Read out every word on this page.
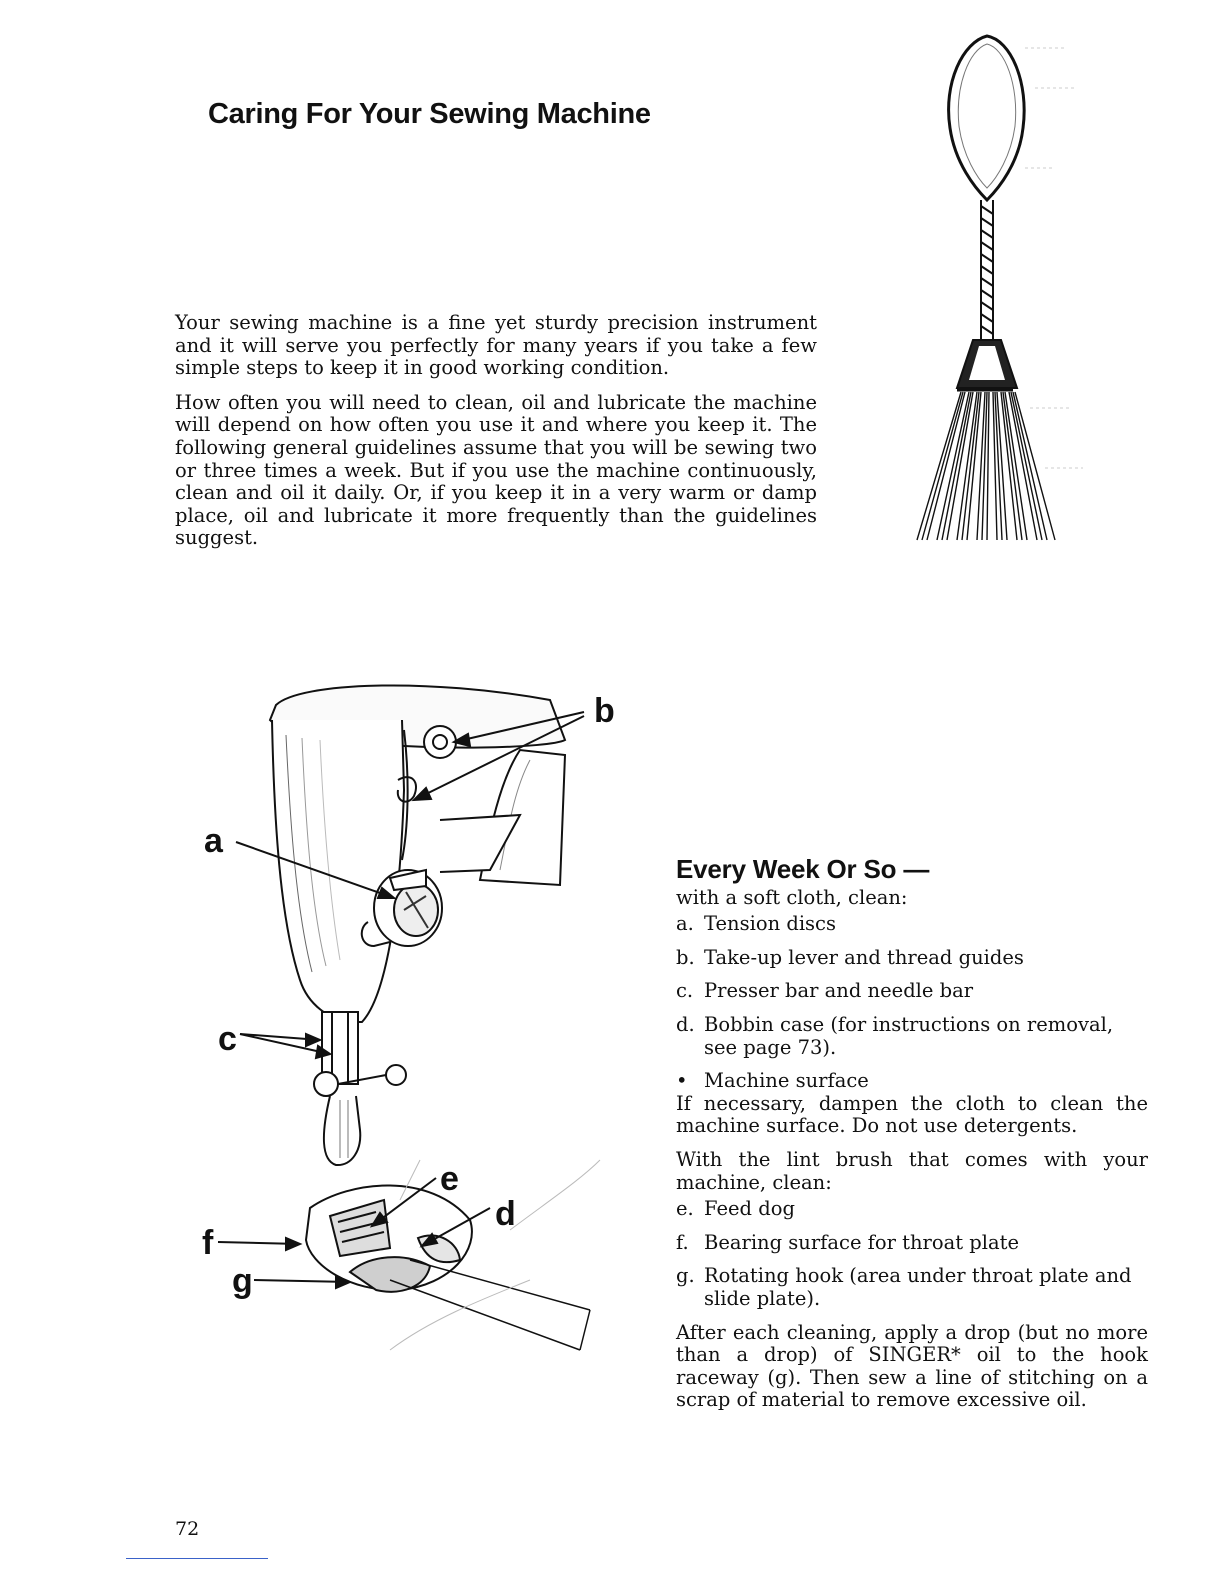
Caring For Your Sewing Machine

Your sewing machine is a fine yet sturdy precision instrument and it will serve you perfectly for many years if you take a few simple steps to keep it in good working condition.

How often you will need to clean, oil and lubricate the machine will depend on how often you use it and where you keep it. The following general guidelines assume that you will be sewing two or three times a week. But if you use the machine continuously, clean and oil it daily. Or, if you keep it in a very warm or damp place, oil and lubricate it more frequently than the guidelines suggest.

b
a
c
e
d
f
g
Every Week Or So —

with a soft cloth, clean:

a. Tension discs
b. Take-up lever and thread guides
c. Presser bar and needle bar
d. Bobbin case (for instructions on removal, see page 73).
• Machine surface

If necessary, dampen the cloth to clean the machine surface. Do not use detergents.

With the lint brush that comes with your machine, clean:

e. Feed dog
f. Bearing surface for throat plate
g. Rotating hook (area under throat plate and slide plate).

After each cleaning, apply a drop (but no more than a drop) of SINGER* oil to the hook raceway (g). Then sew a line of stitching on a scrap of material to remove excessive oil.

72
